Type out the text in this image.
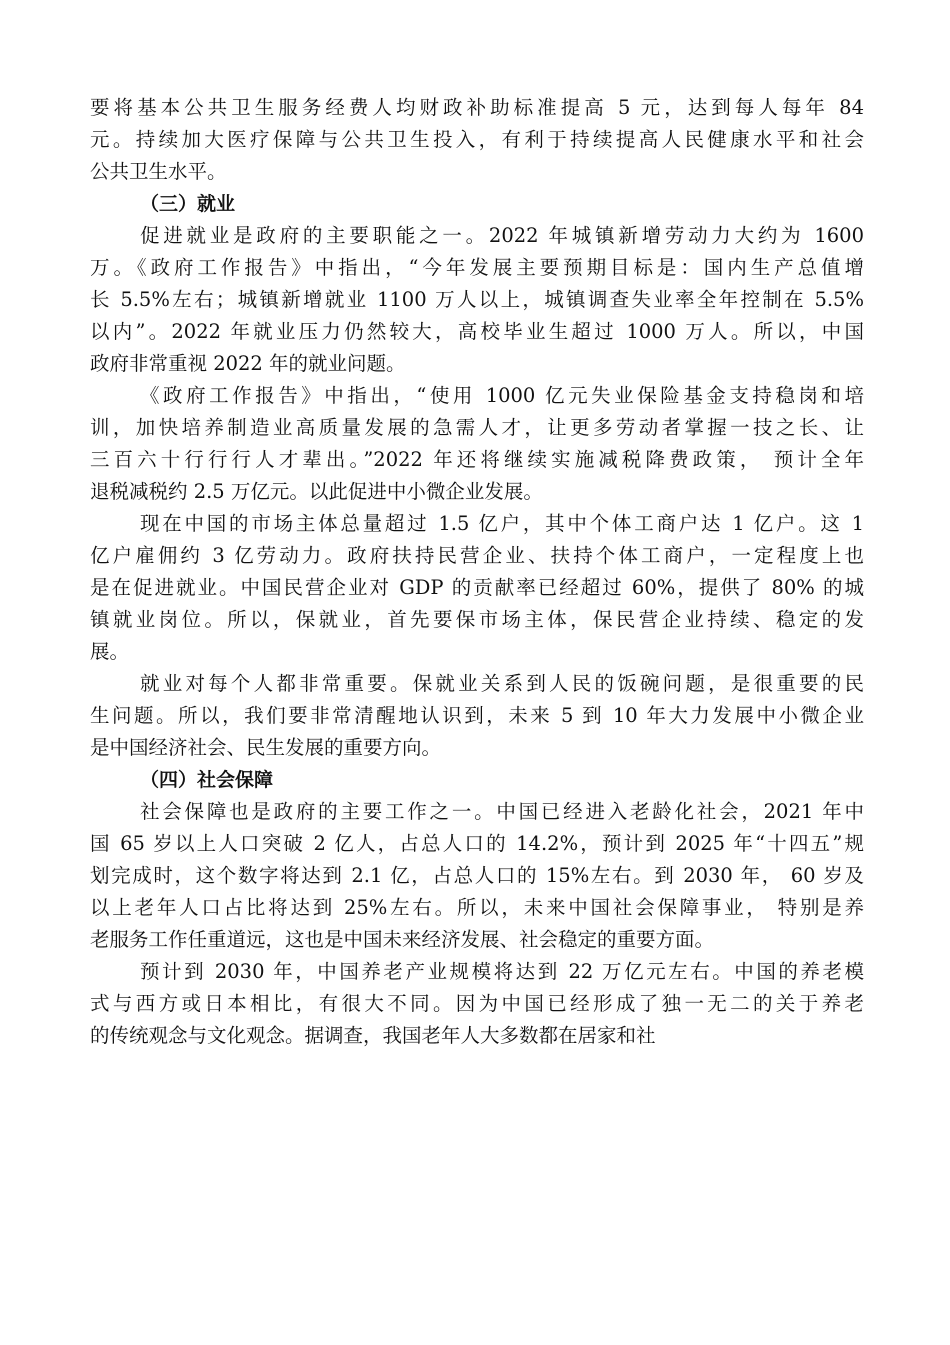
要将基本公共卫生服务经费人均财政补助标准提高 5 元，达到每人每年 84
元。持续加大医疗保障与公共卫生投入，有利于持续提高人民健康水平和社会
公共卫生水平。
（三）就业
促进就业是政府的主要职能之一。2022 年城镇新增劳动力大约为 1600
万。《政府工作报告》中指出，“今年发展主要预期目标是：国内生产总值增
长 5.5%左右；城镇新增就业 1100 万人以上，城镇调查失业率全年控制在 5.5%
以内”。2022 年就业压力仍然较大，高校毕业生超过 1000 万人。所以，中国
政府非常重视 2022 年的就业问题。
《政府工作报告》中指出，“使用 1000 亿元失业保险基金支持稳岗和培
训，加快培养制造业高质量发展的急需人才，让更多劳动者掌握一技之长、让
三百六十行行行人才辈出。”2022 年还将继续实施减税降费政策， 预计全年
退税减税约 2.5 万亿元。以此促进中小微企业发展。
现在中国的市场主体总量超过 1.5 亿户，其中个体工商户达 1 亿户。这 1
亿户雇佣约 3 亿劳动力。政府扶持民营企业、扶持个体工商户，一定程度上也
是在促进就业。中国民营企业对 GDP 的贡献率已经超过 60%，提供了 80% 的城
镇就业岗位。所以，保就业，首先要保市场主体，保民营企业持续、稳定的发
展。
就业对每个人都非常重要。保就业关系到人民的饭碗问题，是很重要的民
生问题。所以，我们要非常清醒地认识到，未来 5 到 10 年大力发展中小微企业
是中国经济社会、民生发展的重要方向。
（四）社会保障
社会保障也是政府的主要工作之一。中国已经进入老龄化社会，2021 年中
国 65 岁以上人口突破 2 亿人，占总人口的 14.2%，预计到 2025 年“十四五”规
划完成时，这个数字将达到 2.1 亿，占总人口的 15%左右。到 2030 年， 60 岁及
以上老年人口占比将达到 25%左右。所以，未来中国社会保障事业， 特别是养
老服务工作任重道远，这也是中国未来经济发展、社会稳定的重要方面。
预计到 2030 年，中国养老产业规模将达到 22 万亿元左右。中国的养老模
式与西方或日本相比，有很大不同。因为中国已经形成了独一无二的关于养老
的传统观念与文化观念。据调查，我国老年人大多数都在居家和社
